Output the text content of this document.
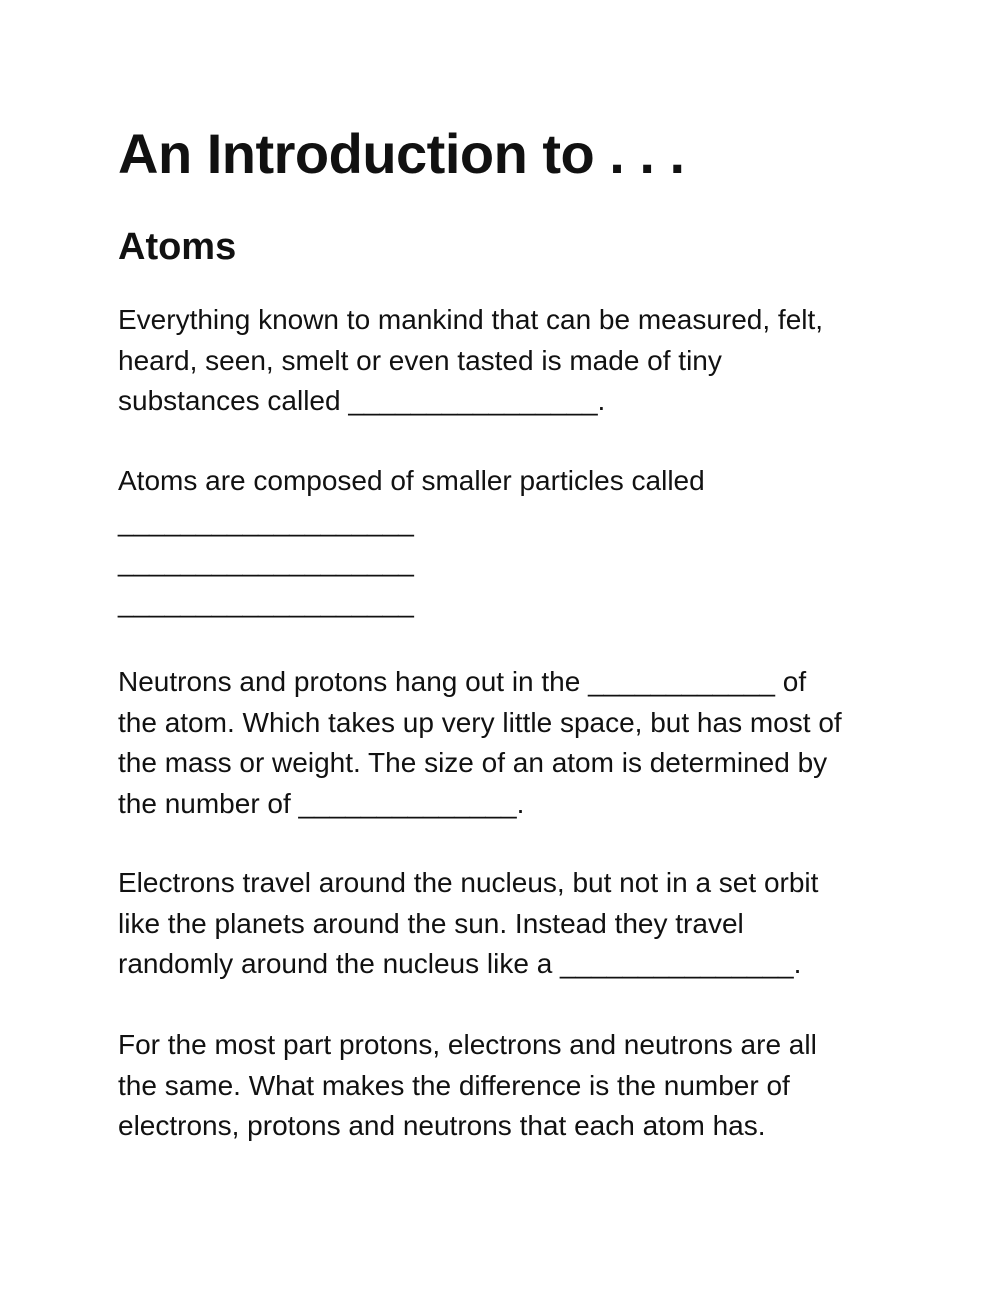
An Introduction to . . .
Atoms
Everything known to mankind that can be measured, felt,
heard, seen, smelt or even tasted is made of tiny
substances called ________________.
Atoms are composed of smaller particles called
___________________
___________________
___________________
Neutrons and protons hang out in the ____________ of
the atom. Which takes up very little space, but has most of
the mass or weight. The size of an atom is determined by
the number of ______________.
Electrons travel around the nucleus, but not in a set orbit
like the planets around the sun. Instead they travel
randomly around the nucleus like a _______________.
For the most part protons, electrons and neutrons are all
the same. What makes the difference is the number of
electrons, protons and neutrons that each atom has.
